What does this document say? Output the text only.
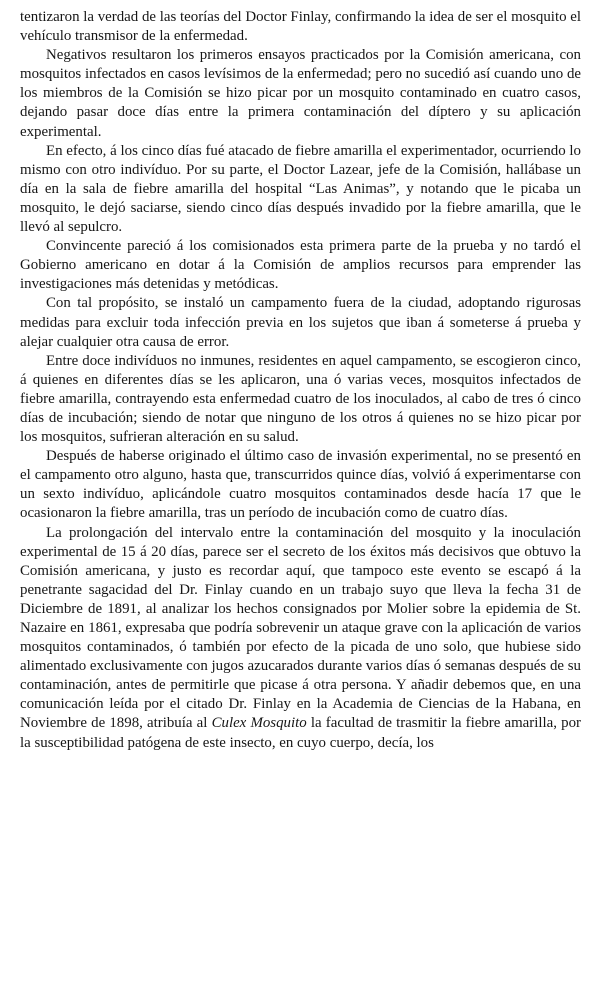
tentizaron la verdad de las teorías del Doctor Finlay, confirmando la idea de ser el mosquito el vehículo transmisor de la enfermedad.

Negativos resultaron los primeros ensayos practicados por la Comisión americana, con mosquitos infectados en casos levísimos de la enfermedad; pero no sucedió así cuando uno de los miembros de la Comisión se hizo picar por un mosquito contaminado en cuatro casos, dejando pasar doce días entre la primera contaminación del díptero y su aplicación experimental.

En efecto, á los cinco días fué atacado de fiebre amarilla el experimentador, ocurriendo lo mismo con otro indivíduo. Por su parte, el Doctor Lazear, jefe de la Comisión, hallábase un día en la sala de fiebre amarilla del hospital “Las Animas”, y notando que le picaba un mosquito, le dejó saciarse, siendo cinco días después invadido por la fiebre amarilla, que le llevó al sepulcro.

Convincente pareció á los comisionados esta primera parte de la prueba y no tardó el Gobierno americano en dotar á la Comisión de amplios recursos para emprender las investigaciones más detenidas y metódicas.

Con tal propósito, se instaló un campamento fuera de la ciudad, adoptando rigurosas medidas para excluir toda infección previa en los sujetos que iban á someterse á prueba y alejar cualquier otra causa de error.

Entre doce indivíduos no inmunes, residentes en aquel campamento, se escogieron cinco, á quienes en diferentes días se les aplicaron, una ó varias veces, mosquitos infectados de fiebre amarilla, contrayendo esta enfermedad cuatro de los inoculados, al cabo de tres ó cinco días de incubación; siendo de notar que ninguno de los otros á quienes no se hizo picar por los mosquitos, sufrieran alteración en su salud.

Después de haberse originado el último caso de invasión experimental, no se presentó en el campamento otro alguno, hasta que, transcurridos quince días, volvió á experimentarse con un sexto indivíduo, aplicándole cuatro mosquitos contaminados desde hacía 17 que le ocasionaron la fiebre amarilla, tras un período de incubación como de cuatro días.

La prolongación del intervalo entre la contaminación del mosquito y la inoculación experimental de 15 á 20 días, parece ser el secreto de los éxitos más decisivos que obtuvo la Comisión americana, y justo es recordar aquí, que tampoco este evento se escapó á la penetrante sagacidad del Dr. Finlay cuando en un trabajo suyo que lleva la fecha 31 de Diciembre de 1891, al analizar los hechos consignados por Molier sobre la epidemia de St. Nazaire en 1861, expresaba que podría sobrevenir un ataque grave con la aplicación de varios mosquitos contaminados, ó también por efecto de la picada de uno solo, que hubiese sido alimentado exclusivamente con jugos azucarados durante varios días ó semanas después de su contaminación, antes de permitirle que picase á otra persona. Y añadir debemos que, en una comunicación leída por el citado Dr. Finlay en la Academia de Ciencias de la Habana, en Noviembre de 1898, atribuía al Culex Mosquito la facultad de trasmitir la fiebre amarilla, por la susceptibilidad patógena de este insecto, en cuyo cuerpo, decía, los
